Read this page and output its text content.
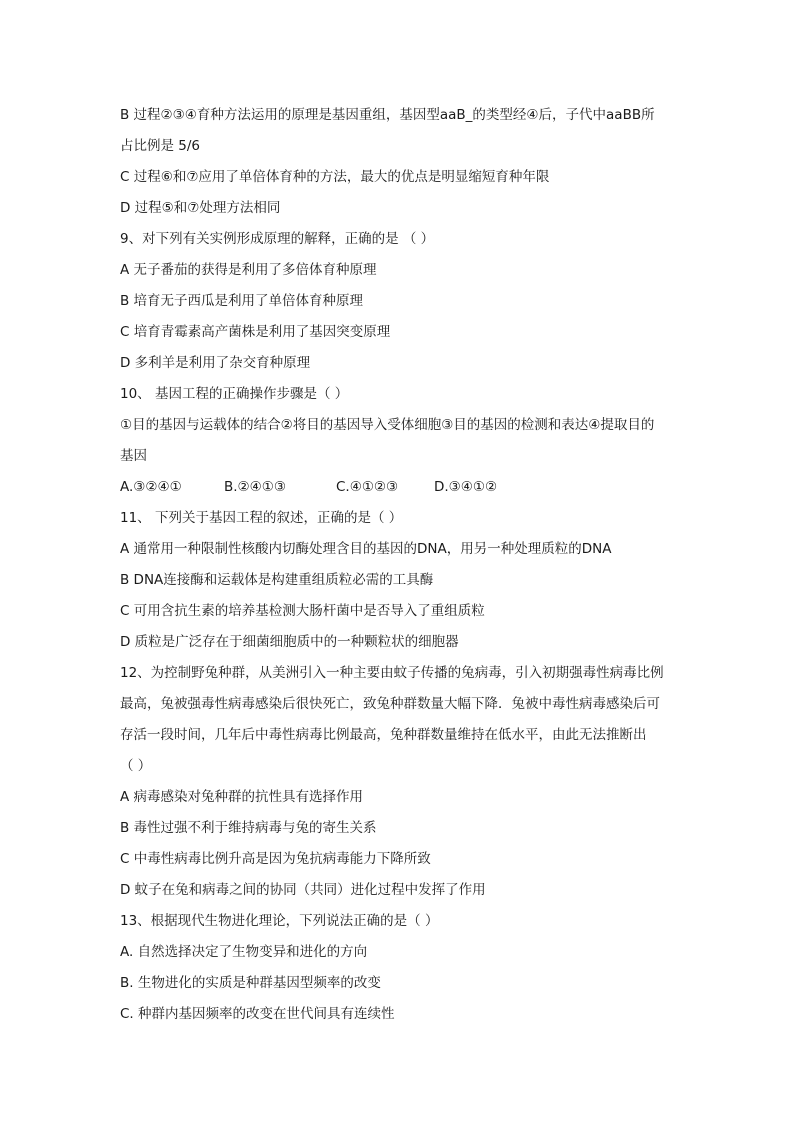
B 过程②③④育种方法运用的原理是基因重组，基因型aaB_的类型经④后，子代中aaBB所
占比例是 5/6
C 过程⑥和⑦应用了单倍体育种的方法，最大的优点是明显缩短育种年限
D 过程⑤和⑦处理方法相同
9、对下列有关实例形成原理的解释，正确的是 （ ）
A 无子番茄的获得是利用了多倍体育种原理
B 培育无子西瓜是利用了单倍体育种原理
C 培育青霉素高产菌株是利用了基因突变原理
D 多利羊是利用了杂交育种原理
10、 基因工程的正确操作步骤是（ ）
①目的基因与运载体的结合②将目的基因导入受体细胞③目的基因的检测和表达④提取目的
基因
A.③②④①	B.②④①③	C.④①②③	D.③④①②
11、 下列关于基因工程的叙述，正确的是（ ）
A 通常用一种限制性核酸内切酶处理含目的基因的DNA，用另一种处理质粒的DNA
B DNA连接酶和运载体是构建重组质粒必需的工具酶
C 可用含抗生素的培养基检测大肠杆菌中是否导入了重组质粒
D 质粒是广泛存在于细菌细胞质中的一种颗粒状的细胞器
12、为控制野兔种群，从美洲引入一种主要由蚊子传播的兔病毒，引入初期强毒性病毒比例
最高，兔被强毒性病毒感染后很快死亡，致兔种群数量大幅下降．兔被中毒性病毒感染后可
存活一段时间，几年后中毒性病毒比例最高，兔种群数量维持在低水平，由此无法推断出
（ ）
A 病毒感染对兔种群的抗性具有选择作用
B 毒性过强不利于维持病毒与兔的寄生关系
C 中毒性病毒比例升高是因为兔抗病毒能力下降所致
D 蚊子在兔和病毒之间的协同（共同）进化过程中发挥了作用
13、根据现代生物进化理论，下列说法正确的是（ ）
A. 自然选择决定了生物变异和进化的方向
B. 生物进化的实质是种群基因型频率的改变
C. 种群内基因频率的改变在世代间具有连续性
